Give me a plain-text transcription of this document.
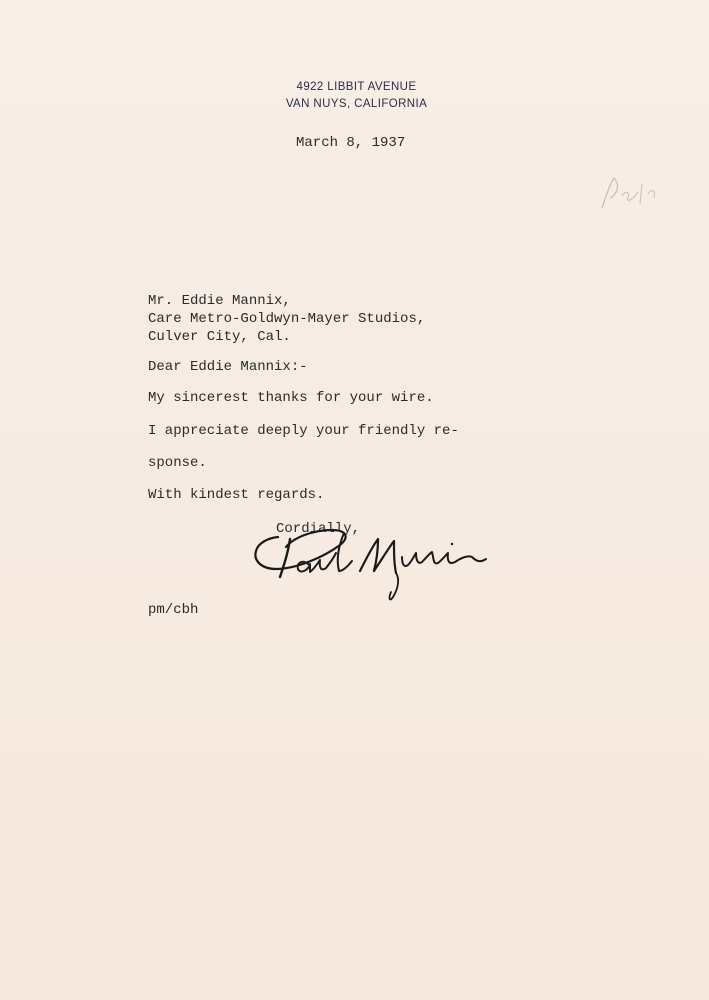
4922 LIBBIT AVENUE
VAN NUYS, CALIFORNIA
March 8, 1937
Mr. Eddie Mannix,
Care Metro-Goldwyn-Mayer Studios,
Culver City, Cal.
Dear Eddie Mannix:-
My sincerest thanks for your wire.
I appreciate deeply your friendly re-
sponse.
With kindest regards.
Cordially,
pm/cbh
